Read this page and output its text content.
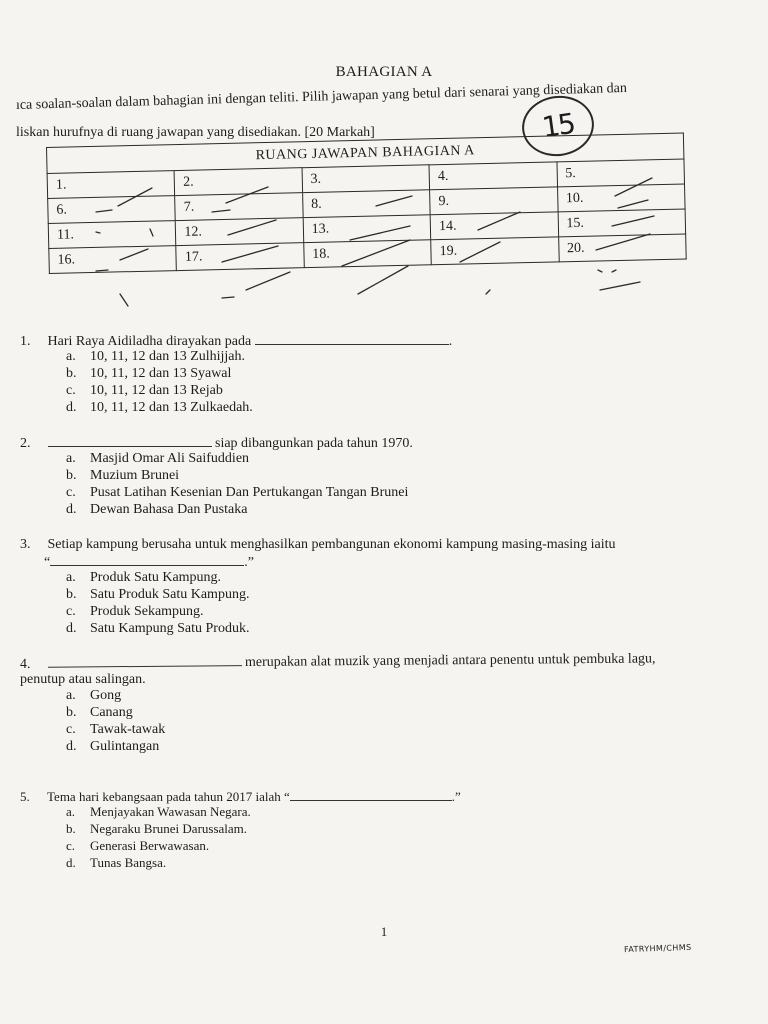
BAHAGIAN A
ıca soalan-soalan dalam bahagian ini dengan teliti. Pilih jawapan yang betul dari senarai yang disediakan dan
liskan hurufnya di ruang jawapan yang disediakan. [20 Markah]	15
RUANG JAWAPAN BAHAGIAN A				
1.	2.	3.	4.	5.
6.	7.	8.	9.	10.
11.	12.	13.	14.	15.
16.	17.	18.	19.	20.
1. Hari Raya Aidiladha dirayakan pada	.
a. 10, 11, 12 dan 13 Zulhijjah.
b. 10, 11, 12 dan 13 Syawal
c. 10, 11, 12 dan 13 Rejab
d. 10, 11, 12 dan 13 Zulkaedah.
2.	siap dibangunkan pada tahun 1970.
a. Masjid Omar Ali Saifuddien
b. Muzium Brunei
c. Pusat Latihan Kesenian Dan Pertukangan Tangan Brunei
d. Dewan Bahasa Dan Pustaka
3. Setiap kampung berusaha untuk menghasilkan pembangunan ekonomi kampung masing-masing iaitu
“	.”
a. Produk Satu Kampung.
b. Satu Produk Satu Kampung.
c. Produk Sekampung.
d. Satu Kampung Satu Produk.
4.	merupakan alat muzik yang menjadi antara penentu untuk pembuka lagu,
penutup atau salingan.
a. Gong
b. Canang
c. Tawak-tawak
d. Gulintangan
5. Tema hari kebangsaan pada tahun 2017 ialah “	.”
a. Menjayakan Wawasan Negara.
b. Negaraku Brunei Darussalam.
c. Generasi Berwawasan.
d. Tunas Bangsa.
1
FATRYHM/CHMS
